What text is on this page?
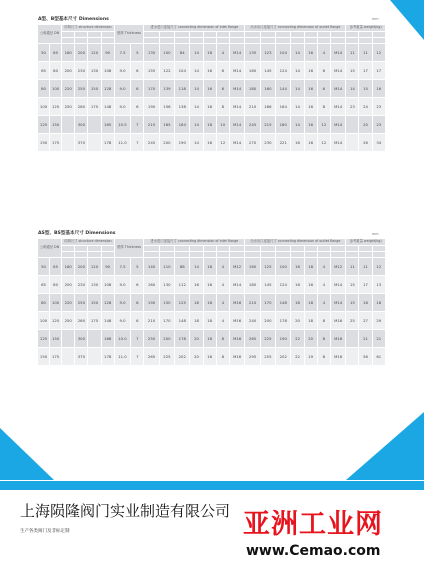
A型、B型基本尺寸 Dimensions	mm
公称通径 DN		结构尺寸 structure dimension				壁厚 Thickness		进水进口连接尺寸 connecting dimension of inlet flange							出水出口连接尺寸 connecting dimension of outlet flange							参考重量 weight(kg)		

50	65	180	200	120	90	7.5	5	135	100	84	14	16	4	M14	135	123	104	14	16	4	M14	11	11	12
65	80	200	230	130	108	9.0	6	155	122	104	14	16	6	M14	160	145	124	14	16	6	M14	15	17	17
80	100	220	250	150	128	9.0	6	170	139	118	14	16	6	M14	180	160	144	14	16	6	M14	14	15	16
100	125	250	260	175	148	9.0	6	190	156	138	14	16	8	M14	210	186	164	14	16	8	M14	23	24	23
125	150		300		165	10.5	7	215	165	164	14	16	10	M14	245	215	180	14	16	12	M14		20	23
150	175		370		178	11.0	7	245	200	190	14	16	12	M14	270	230	221	16	16	12	M14		26	34
AS型、BS型基本尺寸 Dimensions	mm
公称通径 DN		结构尺寸 structure dimension				壁厚 Thickness		进水进口连接尺寸 connecting dimension of inlet flange							出水出口连接尺寸 connecting dimension of outlet flange							参考重量 weight(kg)		

50	65	180	200	120	90	7.5	5	140	110	88	14	18	4	M12	160	125	100	16	18	4	M12	11	11	12
65	80	200	230	130	108	9.0	6	160	130	112	16	16	4	M14	180	145	124	16	16	4	M14	15	17	13
80	100	220	250	150	128	9.0	6	190	150	125	18	18	4	M16	210	170	148	18	18	4	M14	15	18	18
100	125	250	260	175	148	9.0	6	210	170	148	18	18	4	M16	240	200	178	20	18	8	M16	25	27	29
125	150		300		168	10.0	7	250	200	178	20	16	8	M16	265	225	190	22	20	8	M16		21	21
150	175		370		178	11.0	7	265	225	202	20	16	8	M16	295	255	202	22	19	8	M16		56	61
上海陨隆阀门实业制造有限公司
生产各类阀门及非标定制	亚洲工业网
www.Cemao.com
